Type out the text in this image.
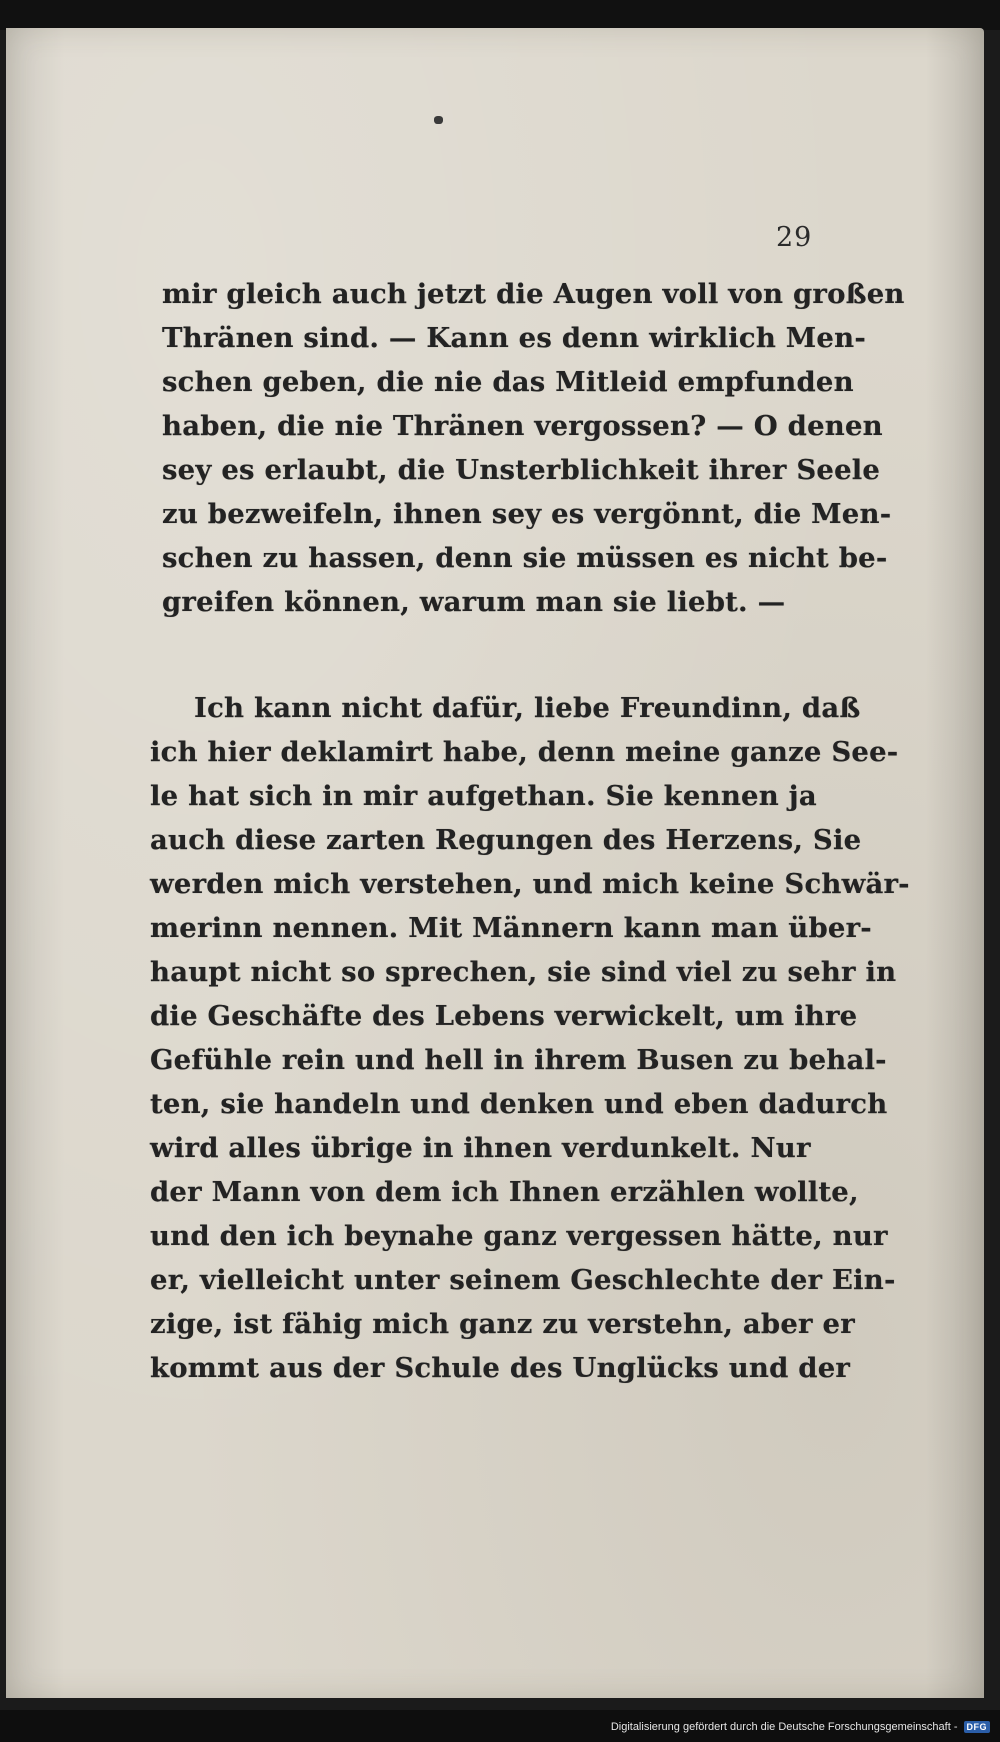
29
mir gleich auch jetzt die Augen voll von großen
Thränen sind. — Kann es denn wirklich Men-
schen geben, die nie das Mitleid empfunden
haben, die nie Thränen vergossen? — O denen
sey es erlaubt, die Unsterblichkeit ihrer Seele
zu bezweifeln, ihnen sey es vergönnt, die Men-
schen zu hassen, denn sie müssen es nicht be-
greifen können, warum man sie liebt. —
Ich kann nicht dafür, liebe Freundinn, daß
ich hier deklamirt habe, denn meine ganze See-
le hat sich in mir aufgethan. Sie kennen ja
auch diese zarten Regungen des Herzens, Sie
werden mich verstehen, und mich keine Schwär-
merinn nennen. Mit Männern kann man über-
haupt nicht so sprechen, sie sind viel zu sehr in
die Geschäfte des Lebens verwickelt, um ihre
Gefühle rein und hell in ihrem Busen zu behal-
ten, sie handeln und denken und eben dadurch
wird alles übrige in ihnen verdunkelt. Nur
der Mann von dem ich Ihnen erzählen wollte,
und den ich beynahe ganz vergessen hätte, nur
er, vielleicht unter seinem Geschlechte der Ein-
zige, ist fähig mich ganz zu verstehn, aber er
kommt aus der Schule des Unglücks und der
Digitalisierung gefördert durch die Deutsche Forschungsgemeinschaft -	DFG
